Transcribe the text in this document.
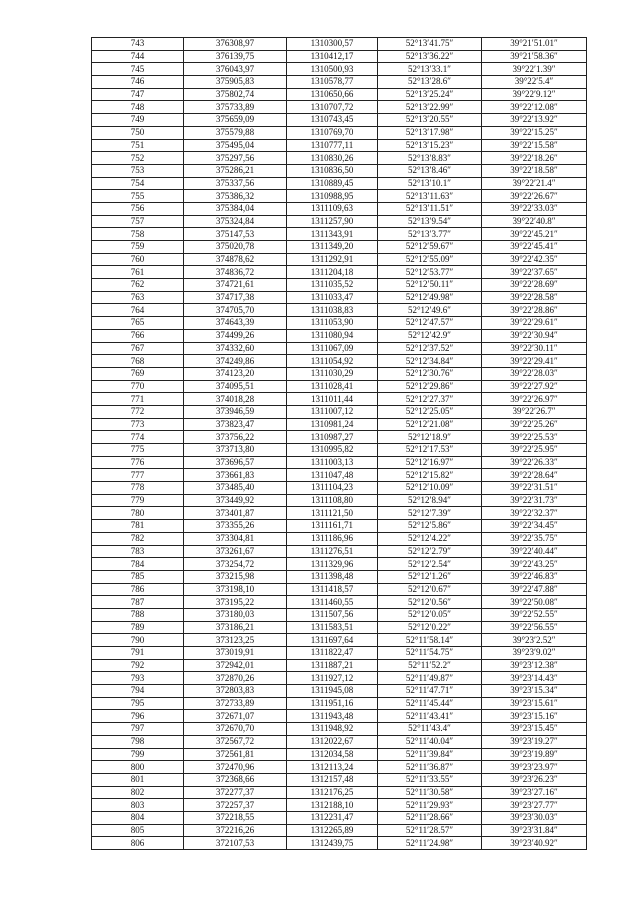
743	376308,97	1310300,57	52°13′41.75″	39°21′51.01″
744	376139,75	1310412,17	52°13′36.22″	39°21′58.36″
745	376043,97	1310500,93	52°13′33.1″	39°22′1.39″
746	375905,83	1310578,77	52°13′28.6″	39°22′5.4″
747	375802,74	1310650,66	52°13′25.24″	39°22′9.12″
748	375733,89	1310707,72	52°13′22.99″	39°22′12.08″
749	375659,09	1310743,45	52°13′20.55″	39°22′13.92″
750	375579,88	1310769,70	52°13′17.98″	39°22′15.25″
751	375495,04	1310777,11	52°13′15.23″	39°22′15.58″
752	375297,56	1310830,26	52°13′8.83″	39°22′18.26″
753	375286,21	1310836,50	52°13′8.46″	39°22′18.58″
754	375337,56	1310889,45	52°13′10.1″	39°22′21.4″
755	375386,32	1310988,95	52°13′11.63″	39°22′26.67″
756	375384,04	1311109,63	52°13′11.51″	39°22′33.03″
757	375324,84	1311257,90	52°13′9.54″	39°22′40.8″
758	375147,53	1311343,91	52°13′3.77″	39°22′45.21″
759	375020,78	1311349,20	52°12′59.67″	39°22′45.41″
760	374878,62	1311292,91	52°12′55.09″	39°22′42.35″
761	374836,72	1311204,18	52°12′53.77″	39°22′37.65″
762	374721,61	1311035,52	52°12′50.11″	39°22′28.69″
763	374717,38	1311033,47	52°12′49.98″	39°22′28.58″
764	374705,70	1311038,83	52°12′49.6″	39°22′28.86″
765	374643,39	1311053,90	52°12′47.57″	39°22′29.61″
766	374499,26	1311080,94	52°12′42.9″	39°22′30.94″
767	374332,60	1311067,09	52°12′37.52″	39°22′30.11″
768	374249,86	1311054,92	52°12′34.84″	39°22′29.41″
769	374123,20	1311030,29	52°12′30.76″	39°22′28.03″
770	374095,51	1311028,41	52°12′29.86″	39°22′27.92″
771	374018,28	1311011,44	52°12′27.37″	39°22′26.97″
772	373946,59	1311007,12	52°12′25.05″	39°22′26.7″
773	373823,47	1310981,24	52°12′21.08″	39°22′25.26″
774	373756,22	1310987,27	52°12′18.9″	39°22′25.53″
775	373713,80	1310995,82	52°12′17.53″	39°22′25.95″
776	373696,57	1311003,13	52°12′16.97″	39°22′26.33″
777	373661,83	1311047,48	52°12′15.82″	39°22′28.64″
778	373485,40	1311104,23	52°12′10.09″	39°22′31.51″
779	373449,92	1311108,80	52°12′8.94″	39°22′31.73″
780	373401,87	1311121,50	52°12′7.39″	39°22′32.37″
781	373355,26	1311161,71	52°12′5.86″	39°22′34.45″
782	373304,81	1311186,96	52°12′4.22″	39°22′35.75″
783	373261,67	1311276,51	52°12′2.79″	39°22′40.44″
784	373254,72	1311329,96	52°12′2.54″	39°22′43.25″
785	373215,98	1311398,48	52°12′1.26″	39°22′46.83″
786	373198,10	1311418,57	52°12′0.67″	39°22′47.88″
787	373195,22	1311460,55	52°12′0.56″	39°22′50.08″
788	373180,03	1311507,56	52°12′0.05″	39°22′52.55″
789	373186,21	1311583,51	52°12′0.22″	39°22′56.55″
790	373123,25	1311697,64	52°11′58.14″	39°23′2.52″
791	373019,91	1311822,47	52°11′54.75″	39°23′9.02″
792	372942,01	1311887,21	52°11′52.2″	39°23′12.38″
793	372870,26	1311927,12	52°11′49.87″	39°23′14.43″
794	372803,83	1311945,08	52°11′47.71″	39°23′15.34″
795	372733,89	1311951,16	52°11′45.44″	39°23′15.61″
796	372671,07	1311943,48	52°11′43.41″	39°23′15.16″
797	372670,70	1311948,92	52°11′43.4″	39°23′15.45″
798	372567,72	1312022,67	52°11′40.04″	39°23′19.27″
799	372561,81	1312034,58	52°11′39.84″	39°23′19.89″
800	372470,96	1312113,24	52°11′36.87″	39°23′23.97″
801	372368,66	1312157,48	52°11′33.55″	39°23′26.23″
802	372277,37	1312176,25	52°11′30.58″	39°23′27.16″
803	372257,37	1312188,10	52°11′29.93″	39°23′27.77″
804	372218,55	1312231,47	52°11′28.66″	39°23′30.03″
805	372216,26	1312265,89	52°11′28.57″	39°23′31.84″
806	372107,53	1312439,75	52°11′24.98″	39°23′40.92″
